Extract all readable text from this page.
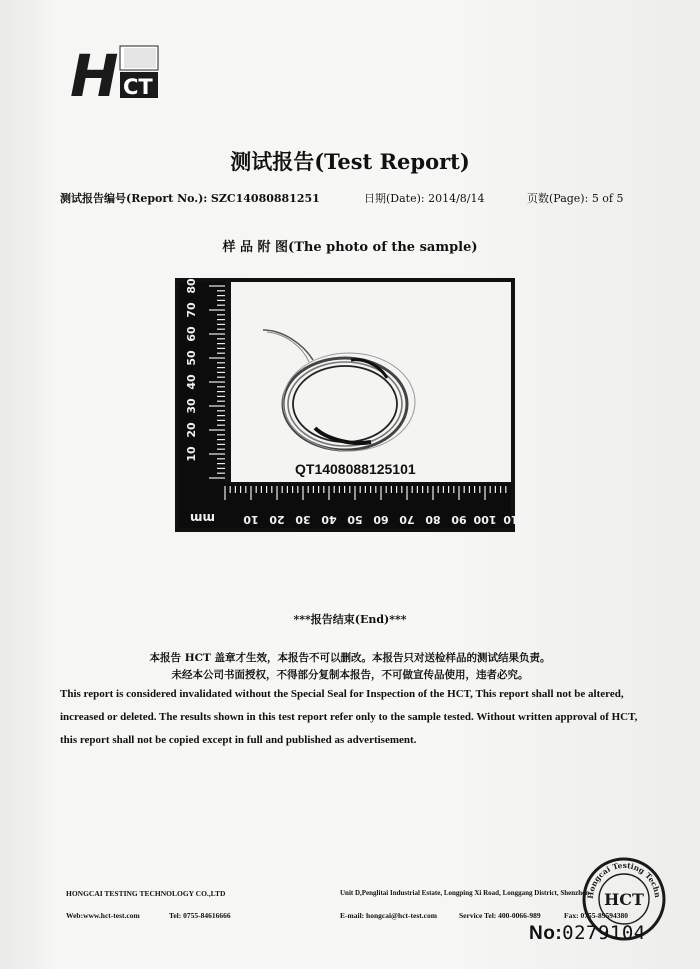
H CT
测试报告(Test Report)
测试报告编号(Report No.): SZC14080881251	日期(Date): 2014/8/14	页数(Page): 5 of 5
样 品 附 图(The photo of the sample)
10
20
30
40
50
60
70
80
10 20 30 40 50 60 70 80 90 100 10
QT1408088125101
mm
***报告结束(End)***
本报告 HCT 盖章才生效，本报告不可以删改。本报告只对送检样品的测试结果负责。
未经本公司书面授权，不得部分复制本报告，不可做宣传品使用，违者必究。
This report is considered invalidated without the Special Seal for Inspection of the HCT, This report shall not be altered, increased or deleted. The results shown in this test report refer only to the sample tested. Without written approval of HCT, this report shall not be copied except in full and published as advertisement.
HONGCAI TESTING TECHNOLOGY CO.,LTD	Unit D,Penglitai Industrial Estate, Longping Xi Road, Longgang District, Shenzhen
Web:www.hct-test.com	Tel: 0755-84616666	E-mail: hongcai@hct-test.com	Service Tel: 400-0066-989	Fax: 0755-89594380
Hongcai Testing Techn
HCT
No:0279104
